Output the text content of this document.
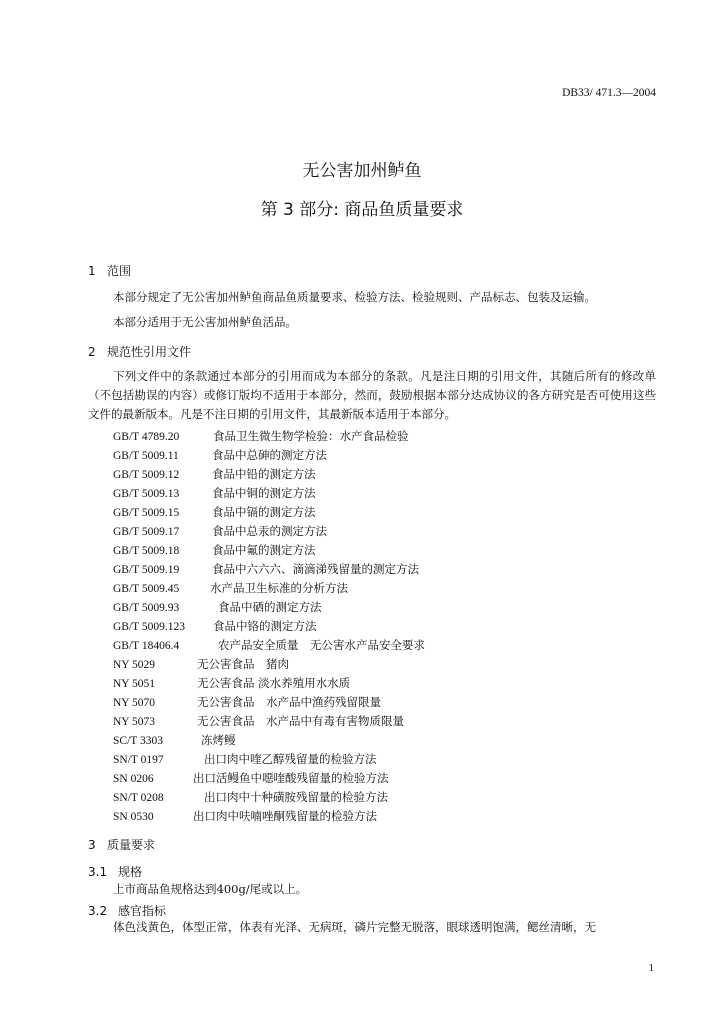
DB33/ 471.3—2004
无公害加州鲈鱼
第 3 部分: 商品鱼质量要求
1 范围
本部分规定了无公害加州鲈鱼商品鱼质量要求、检验方法、检验规则、产品标志、包装及运输。
本部分适用于无公害加州鲈鱼活品。
2 规范性引用文件
下列文件中的条款通过本部分的引用而成为本部分的条款。凡是注日期的引用文件，其随后所有的修改单（不包括勘误的内容）或修订版均不适用于本部分，然而，鼓励根据本部分达成协议的各方研究是否可使用这些文件的最新版本。凡是不注日期的引用文件，其最新版本适用于本部分。
GB/T 4789.20	食品卫生微生物学检验：水产食品检验
GB/T 5009.11	食品中总砷的测定方法
GB/T 5009.12	食品中铅的测定方法
GB/T 5009.13	食品中铜的测定方法
GB/T 5009.15	食品中镉的测定方法
GB/T 5009.17	食品中总汞的测定方法
GB/T 5009.18	食品中氟的测定方法
GB/T 5009.19	食品中六六六、滴滴涕残留量的测定方法
GB/T 5009.45	水产品卫生标准的分析方法
GB/T 5009.93	食品中硒的测定方法
GB/T 5009.123 食品中铬的测定方法
GB/T 18406.4	农产品安全质量　无公害水产品安全要求
NY 5029	无公害食品　猪肉
NY 5051	无公害食品 淡水养殖用水水质
NY 5070	无公害食品　水产品中渔药残留限量
NY 5073	无公害食品　水产品中有毒有害物质限量
SC/T 3303	冻烤鳗
SN/T 0197	出口肉中喹乙醇残留量的检验方法
SN 0206	出口活鳗鱼中噁喹酸残留量的检验方法
SN/T 0208	出口肉中十种磺胺残留量的检验方法
SN 0530	出口肉中呋喃唑酮残留量的检验方法
3 质量要求
3.1 规格
上市商品鱼规格达到400g/尾或以上。
3.2 感官指标
体色浅黄色，体型正常，体表有光泽、无病斑，磷片完整无脱落，眼球透明饱满，鳃丝清晰，无
1
